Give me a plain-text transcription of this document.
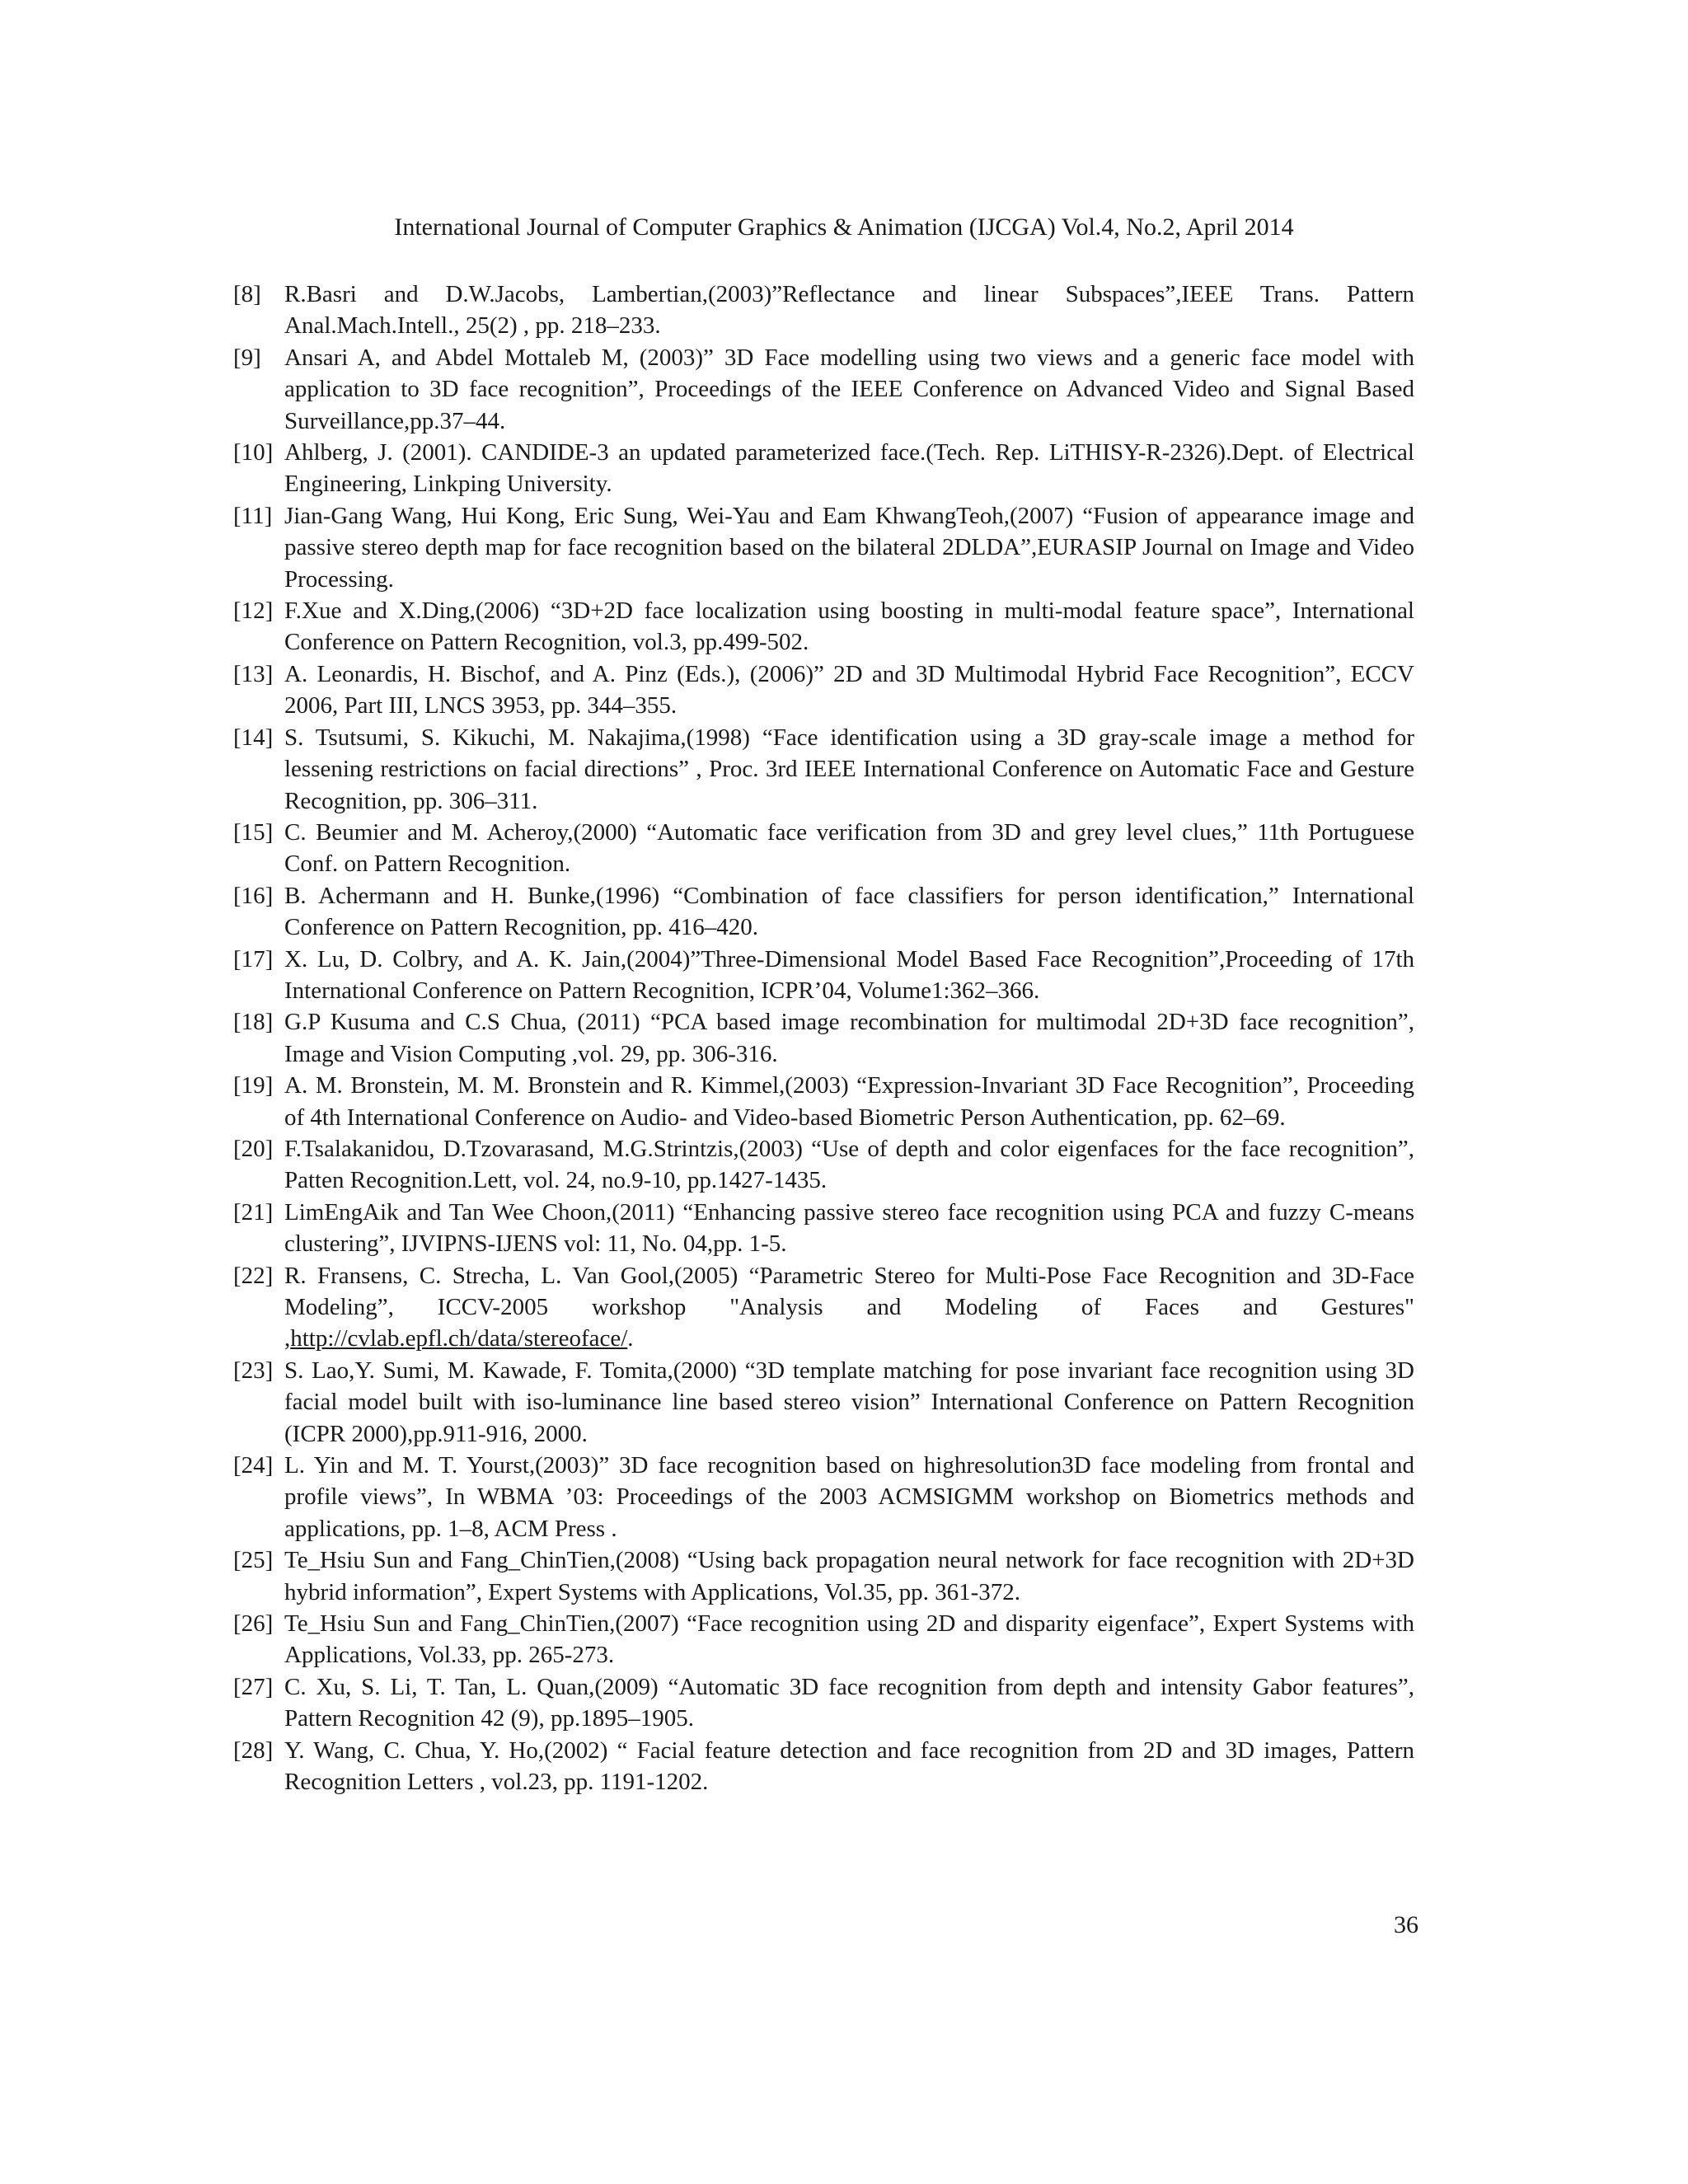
International Journal of Computer Graphics & Animation (IJCGA) Vol.4, No.2, April 2014
[8] R.Basri and D.W.Jacobs, Lambertian,(2003)”Reflectance and linear Subspaces”,IEEE Trans. Pattern Anal.Mach.Intell., 25(2) , pp. 218–233.
[9] Ansari A, and Abdel Mottaleb M, (2003)” 3D Face modelling using two views and a generic face model with application to 3D face recognition”, Proceedings of the IEEE Conference on Advanced Video and Signal Based Surveillance,pp.37–44.
[10] Ahlberg, J. (2001). CANDIDE-3 an updated parameterized face.(Tech. Rep. LiTHISY-R-2326).Dept. of Electrical Engineering, Linkping University.
[11] Jian-Gang Wang, Hui Kong, Eric Sung, Wei-Yau and Eam KhwangTeoh,(2007) “Fusion of appearance image and passive stereo depth map for face recognition based on the bilateral 2DLDA”,EURASIP Journal on Image and Video Processing.
[12] F.Xue and X.Ding,(2006) “3D+2D face localization using boosting in multi-modal feature space”, International Conference on Pattern Recognition, vol.3, pp.499-502.
[13] A. Leonardis, H. Bischof, and A. Pinz (Eds.), (2006)” 2D and 3D Multimodal Hybrid Face Recognition”, ECCV 2006, Part III, LNCS 3953, pp. 344–355.
[14] S. Tsutsumi, S. Kikuchi, M. Nakajima,(1998) “Face identification using a 3D gray-scale image a method for lessening restrictions on facial directions” , Proc. 3rd IEEE International Conference on Automatic Face and Gesture Recognition, pp. 306–311.
[15] C. Beumier and M. Acheroy,(2000) “Automatic face verification from 3D and grey level clues,” 11th Portuguese Conf. on Pattern Recognition.
[16] B. Achermann and H. Bunke,(1996) “Combination of face classifiers for person identification,” International Conference on Pattern Recognition, pp. 416–420.
[17] X. Lu, D. Colbry, and A. K. Jain,(2004)”Three-Dimensional Model Based Face Recognition”,Proceeding of 17th International Conference on Pattern Recognition, ICPR’04, Volume1:362–366.
[18] G.P Kusuma and C.S Chua, (2011) “PCA based image recombination for multimodal 2D+3D face recognition”, Image and Vision Computing ,vol. 29, pp. 306-316.
[19] A. M. Bronstein, M. M. Bronstein and R. Kimmel,(2003) “Expression-Invariant 3D Face Recognition”, Proceeding of 4th International Conference on Audio- and Video-based Biometric Person Authentication, pp. 62–69.
[20] F.Tsalakanidou, D.Tzovarasand, M.G.Strintzis,(2003) “Use of depth and color eigenfaces for the face recognition”, Patten Recognition.Lett, vol. 24, no.9-10, pp.1427-1435.
[21] LimEngAik and Tan Wee Choon,(2011) “Enhancing passive stereo face recognition using PCA and fuzzy C-means clustering”, IJVIPNS-IJENS vol: 11, No. 04,pp. 1-5.
[22] R. Fransens, C. Strecha, L. Van Gool,(2005) “Parametric Stereo for Multi-Pose Face Recognition and 3D-Face Modeling”, ICCV-2005 workshop "Analysis and Modeling of Faces and Gestures" ,http://cvlab.epfl.ch/data/stereoface/.
[23] S. Lao,Y. Sumi, M. Kawade, F. Tomita,(2000) “3D template matching for pose invariant face recognition using 3D facial model built with iso-luminance line based stereo vision” International Conference on Pattern Recognition (ICPR 2000),pp.911-916, 2000.
[24] L. Yin and M. T. Yourst,(2003)” 3D face recognition based on highresolution3D face modeling from frontal and profile views”, In WBMA ’03: Proceedings of the 2003 ACMSIGMM workshop on Biometrics methods and applications, pp. 1–8, ACM Press .
[25] Te_Hsiu Sun and Fang_ChinTien,(2008) “Using back propagation neural network for face recognition with 2D+3D hybrid information”, Expert Systems with Applications, Vol.35, pp. 361-372.
[26] Te_Hsiu Sun and Fang_ChinTien,(2007) “Face recognition using 2D and disparity eigenface”, Expert Systems with Applications, Vol.33, pp. 265-273.
[27] C. Xu, S. Li, T. Tan, L. Quan,(2009) “Automatic 3D face recognition from depth and intensity Gabor features”, Pattern Recognition 42 (9), pp.1895–1905.
[28] Y. Wang, C. Chua, Y. Ho,(2002) “ Facial feature detection and face recognition from 2D and 3D images, Pattern Recognition Letters , vol.23, pp. 1191-1202.
36
